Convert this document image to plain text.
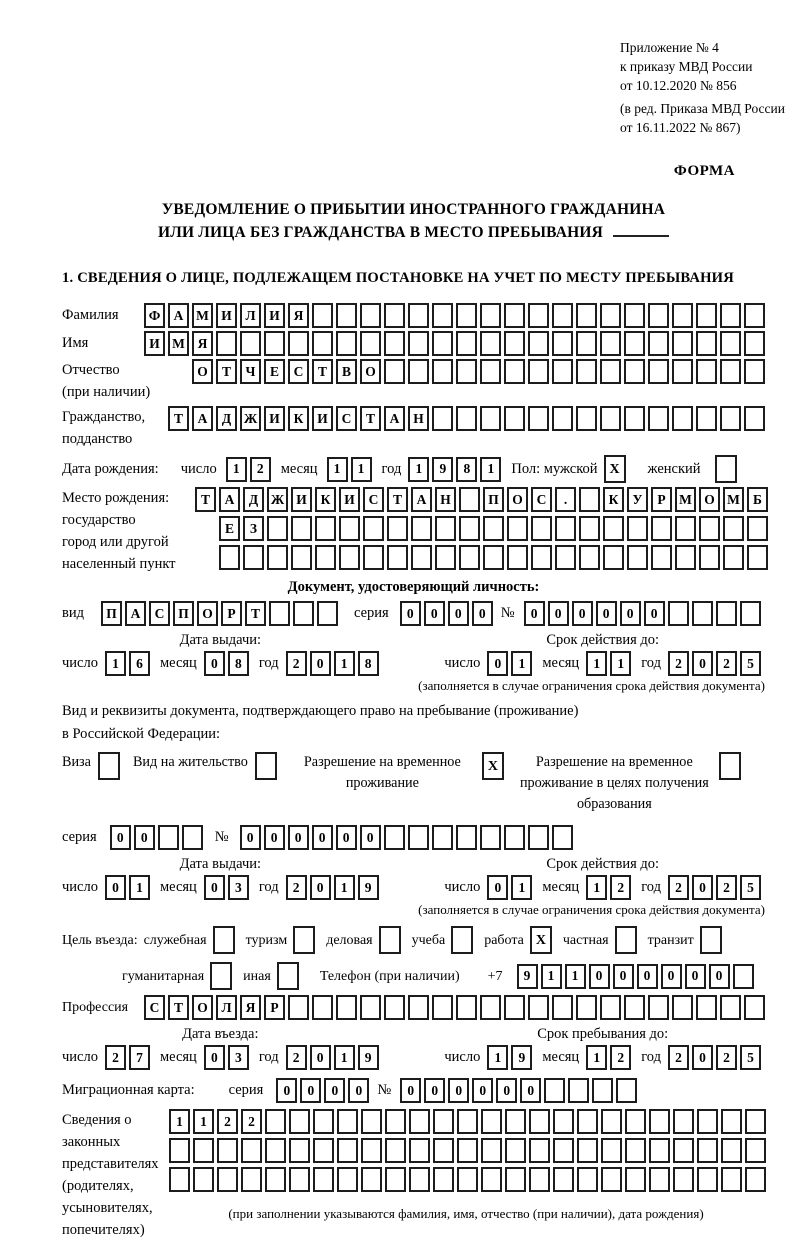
Приложение № 4
к приказу МВД России
от 10.12.2020 № 856
(в ред. Приказа МВД России
от 16.11.2022 № 867)
ФОРМА
УВЕДОМЛЕНИЕ О ПРИБЫТИИ ИНОСТРАННОГО ГРАЖДАНИНА
ИЛИ ЛИЦА БЕЗ ГРАЖДАНСТВА В МЕСТО ПРЕБЫВАНИЯ
1. СВЕДЕНИЯ О ЛИЦЕ, ПОДЛЕЖАЩЕМ ПОСТАНОВКЕ НА УЧЕТ ПО МЕСТУ ПРЕБЫВАНИЯ
Фамилия	Ф А М И	Л	И	Я
Имя	И М Я
Отчество
(при наличии)
О	Т	Ч	Е	С	Т	В	О
Гражданство,
подданство
Т	А	Д Ж И	К	И	С	Т	А	Н
Дата рождения: число	1	2	месяц	1	1	год	1	9	8	1	Пол: мужской X	женский
Место рождения:
государство
город или другой
населенный пункт
Т	А	Д Ж И	К	И	С	Т	А	Н	П О	С	.	К	У	Р	М О М Б
Е	З
Документ, удостоверяющий личность:
вид	П	А	С	П О	Р	Т	серия	0	0	0	0	№	0	0	0	0	0	0
Дата выдачи:
число	1	6	месяц	0	8	год	2	0	1	8
Срок действия до:
число	0	1	месяц	1	1	год	2	0	2	5
(заполняется в случае ограничения срока действия документа)
Вид и реквизиты документа, подтверждающего право на пребывание (проживание)
в Российской Федерации:
Виза	Вид на жительство	Разрешение на временное проживание
X	Разрешение на временное проживание в целях получения образования
серия	0	0	№	0	0	0	0	0	0
Дата выдачи:
число	0	1	месяц	0	3	год	2	0	1	9
Срок действия до:
число	0	1	месяц	1	2	год	2	0	2	5
(заполняется в случае ограничения срока действия документа)
Цель въезда: служебная	туризм	деловая	учеба	работа X	частная	транзит
гуманитарная	иная	Телефон (при наличии) +7	9	1	1	0	0	0	0	0	0
Профессия	С	Т	О	Л	Я	Р
Дата въезда:
число	2	7	месяц	0	3	год	2	0	1	9
Срок пребывания до:
число	1	9	месяц	1	2	год	2	0	2	5
Миграционная карта: серия	0	0	0	0	№	0	0	0	0	0	0
Сведения о
законных
представителях
(родителях,
усыновителях,
попечителях)
1	1	2	2
(при заполнении указываются фамилия, имя, отчество (при наличии), дата рождения)
